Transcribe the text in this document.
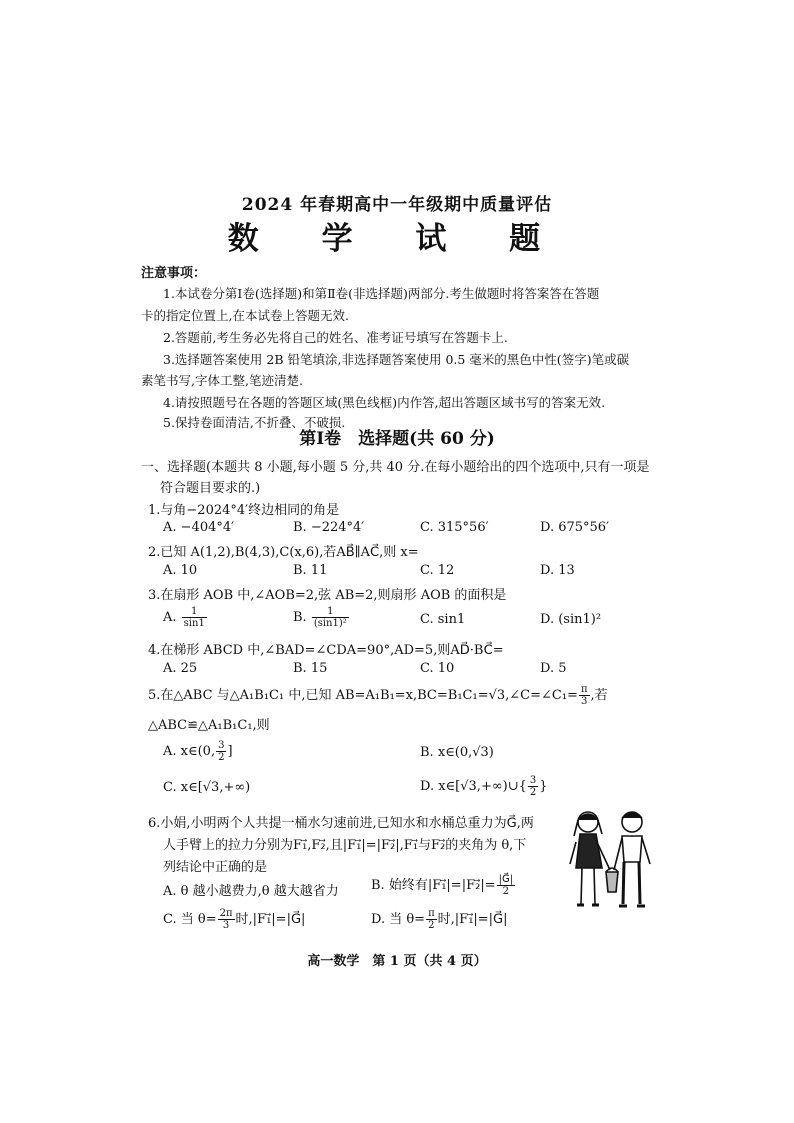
2024 年春期高中一年级期中质量评估
数 学 试 题
注意事项：
1.本试卷分第Ⅰ卷(选择题)和第Ⅱ卷(非选择题)两部分.考生做题时将答案答在答题
卡的指定位置上,在本试卷上答题无效.
2.答题前,考生务必先将自己的姓名、准考证号填写在答题卡上.
3.选择题答案使用 2B 铅笔填涂,非选择题答案使用 0.5 毫米的黑色中性(签字)笔或碳
素笔书写,字体工整,笔迹清楚.
4.请按照题号在各题的答题区域(黑色线框)内作答,超出答题区域书写的答案无效.
5.保持卷面清洁,不折叠、不破损.
第Ⅰ卷　选择题(共 60 分)
一、选择题(本题共 8 小题,每小题 5 分,共 40 分.在每小题给出的四个选项中,只有一项是
符合题目要求的.)
1.与角−2024°4′终边相同的角是
A. −404°4′	B. −224°4′	C. 315°56′	D. 675°56′
2.已知 A(1,2),B(4,3),C(x,6),若AB⃗∥AC⃗,则 x=
A. 10	B. 11	C. 12	D. 13
3.在扇形 AOB 中,∠AOB=2,弦 AB=2,则扇形 AOB 的面积是
A. $\frac{1}{\sin 1}$	B. $\frac{1}{\text{(sin1)²}}$	C. sin1	D. (sin1)²
4.在梯形 ABCD 中,∠BAD=∠CDA=90°,AD=5,则AD⃗·BC⃗=
A. 25	B. 15	C. 10	D. 5
5.在△ABC 与△A₁B₁C₁ 中,已知 AB=A₁B₁=x,BC=B₁C₁=√3,∠C=∠C₁= $\frac{\pi}{3}$ ,若
△ABC≌△A₁B₁C₁,则
A. x∈(0, $\frac{3}{2}$ ]	B. x∈(0,√3)
C. x∈[√3,+∞)	D. x∈[√3,+∞)∪{ $\frac{3}{2}$ }
6.小娟,小明两个人共提一桶水匀速前进,已知水和水桶总重力为G⃗,两
人手臂上的拉力分别为F₁⃗,F₂⃗,且|F₁⃗|=|F₂⃗|,F₁⃗与F₂⃗的夹角为 θ,下
列结论中正确的是
A. θ 越小越费力,θ 越大越省力 B. 始终有|F₁⃗|=|F₂⃗|= $\frac{|G⃗|}{2}$
C. 当 $\theta= \frac{2\pi}{3}$ 时,|F₁⃗|=|G⃗|	D. 当 $\theta= \frac{\pi}{2}$ 时,|F₁⃗|=|G⃗|
高一数学　第 1 页（共 4 页）
